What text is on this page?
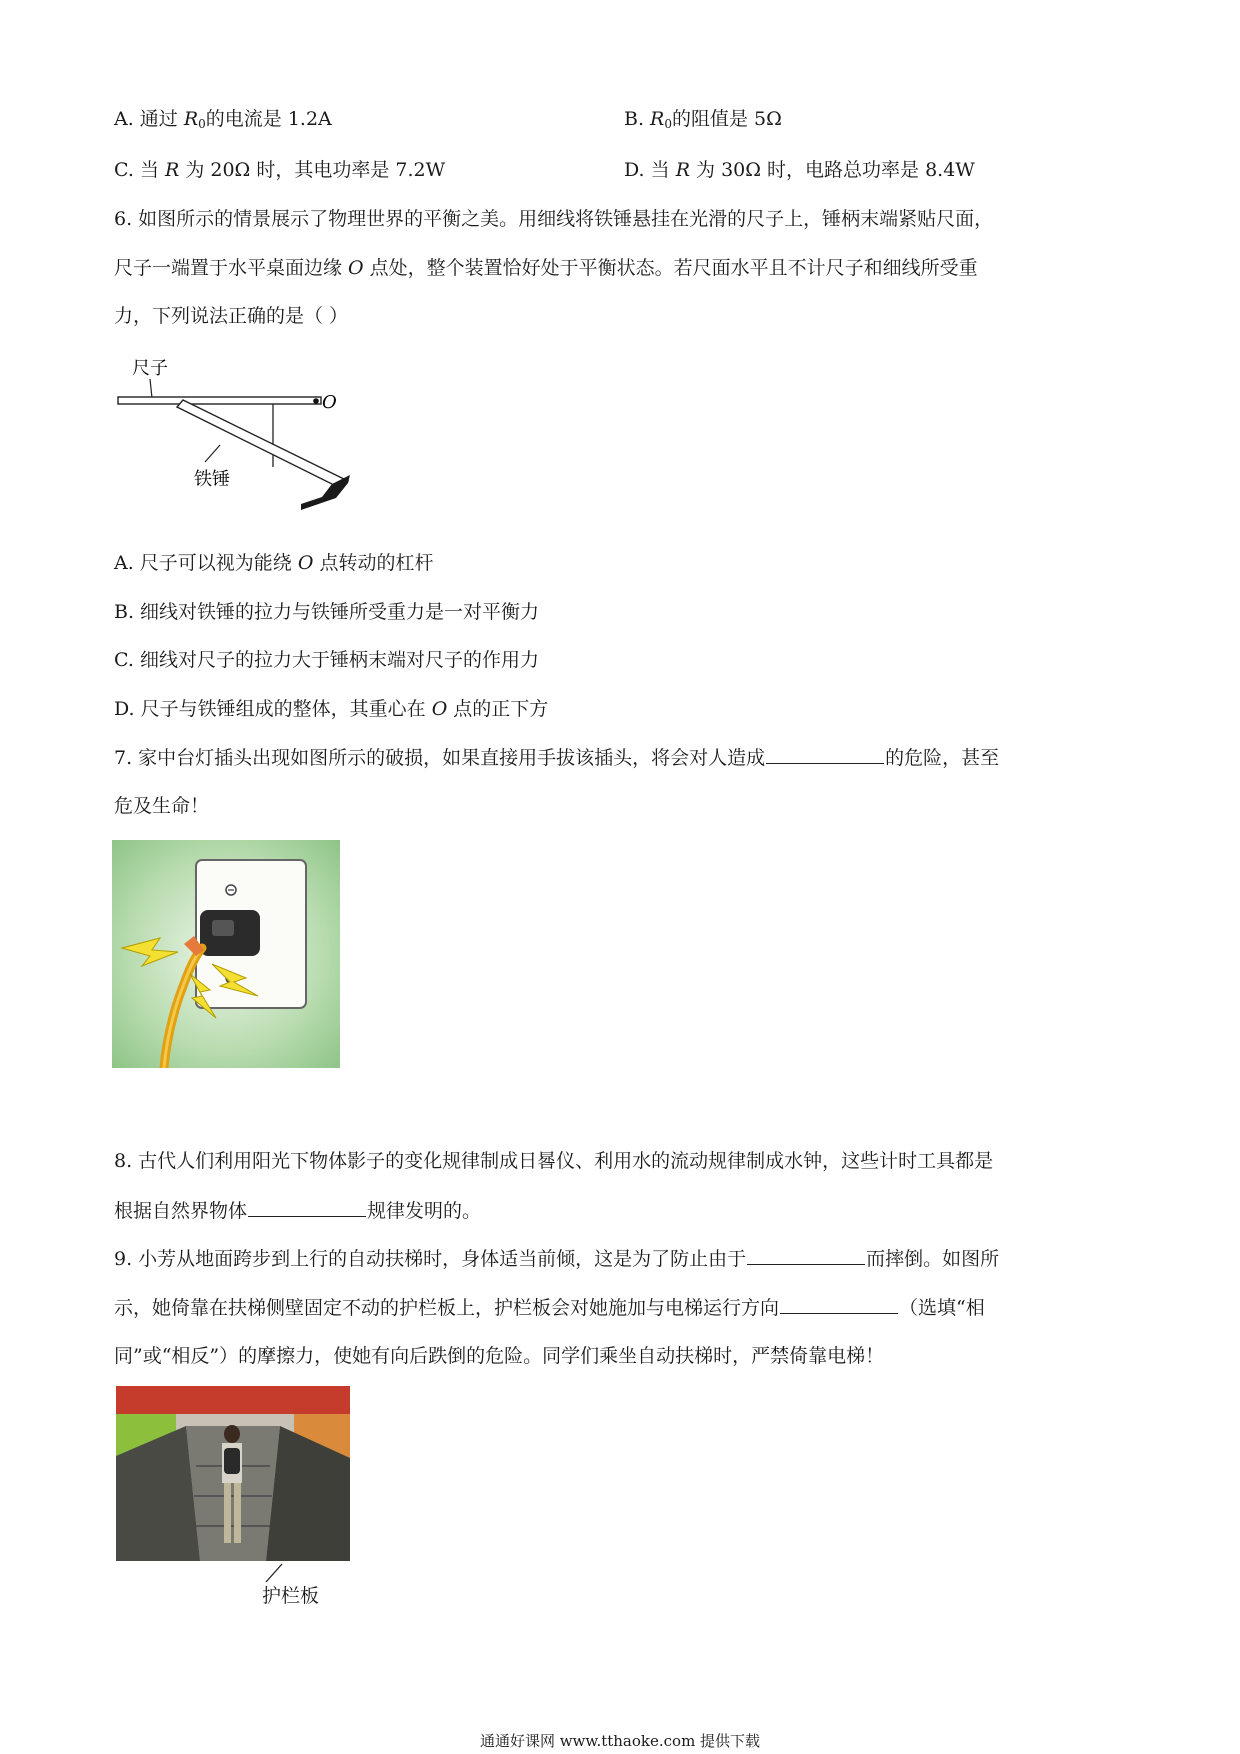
A. 通过 $R_0$的电流是 1.2A	B. $R_0$的阻值是 5Ω
C. 当 R 为 20Ω 时，其电功率是 7.2W	D. 当 R 为 30Ω 时，电路总功率是 8.4W
6. 如图所示的情景展示了物理世界的平衡之美。用细线将铁锤悬挂在光滑的尺子上，锤柄末端紧贴尺面，
尺子一端置于水平桌面边缘 O 点处，整个装置恰好处于平衡状态。若尺面水平且不计尺子和细线所受重
力，下列说法正确的是（ ）
尺子
O
铁锤
A. 尺子可以视为能绕 O 点转动的杠杆
B. 细线对铁锤的拉力与铁锤所受重力是一对平衡力
C. 细线对尺子的拉力大于锤柄末端对尺子的作用力
D. 尺子与铁锤组成的整体，其重心在 O 点的正下方
7. 家中台灯插头出现如图所示的破损，如果直接用手拔该插头，将会对人造成	的危险，甚至
危及生命！
8. 古代人们利用阳光下物体影子的变化规律制成日晷仪、利用水的流动规律制成水钟，这些计时工具都是
根据自然界物体	规律发明的。
9. 小芳从地面跨步到上行的自动扶梯时，身体适当前倾，这是为了防止由于	而摔倒。如图所
示，她倚靠在扶梯侧壁固定不动的护栏板上，护栏板会对她施加与电梯运行方向	（选填“相
同”或“相反”）的摩擦力，使她有向后跌倒的危险。同学们乘坐自动扶梯时，严禁倚靠电梯！
护栏板
通通好课网 www.tthaoke.com 提供下载
